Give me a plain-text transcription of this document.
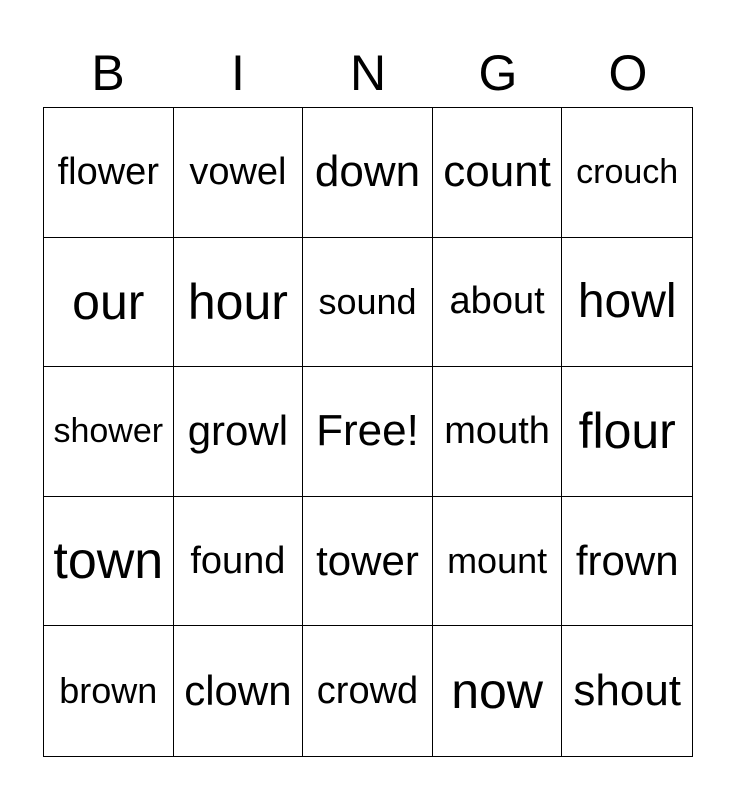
B	I	N	G	O
flower vowel down count crouch
our hour sound about howl
shower growl Free! mouth flour
town found tower mount frown
brown clown crowd now shout
